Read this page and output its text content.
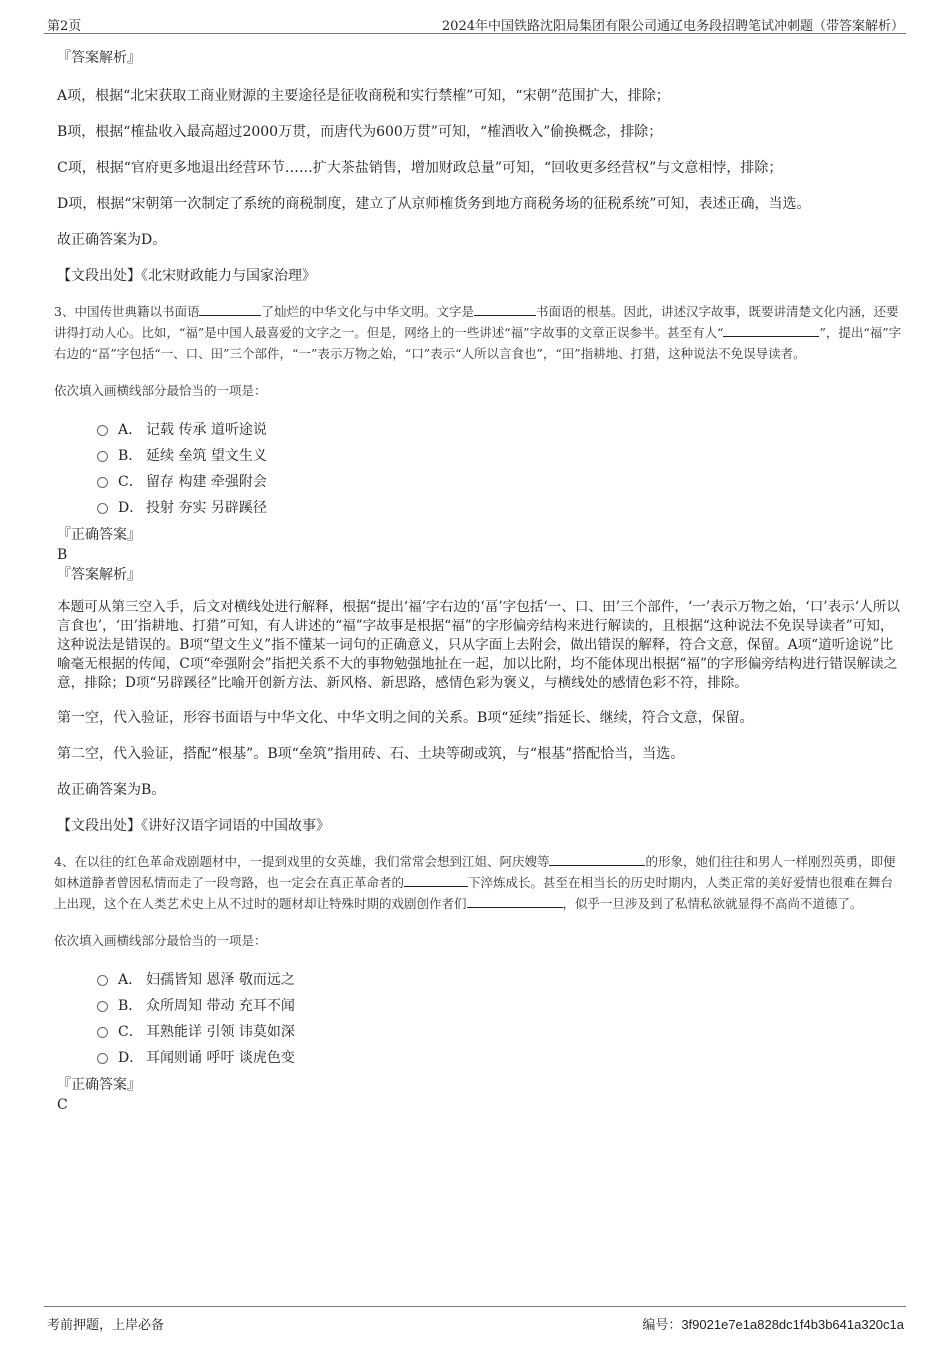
第2页	2024年中国铁路沈阳局集团有限公司通辽电务段招聘笔试冲刺题（带答案解析）

『答案解析』

A项，根据“北宋获取工商业财源的主要途径是征收商税和实行禁榷”可知，“宋朝”范围扩大，排除；

B项，根据“榷盐收入最高超过2000万贯，而唐代为600万贯”可知，“榷酒收入”偷换概念，排除；

C项，根据“官府更多地退出经营环节……扩大茶盐销售，增加财政总量”可知，“回收更多经营权”与文意相悖，排除；

D项，根据“宋朝第一次制定了系统的商税制度，建立了从京师榷货务到地方商税务场的征税系统”可知，表述正确，当选。

故正确答案为D。

【文段出处】《北宋财政能力与国家治理》

3、中国传世典籍以书面语	了灿烂的中华文化与中华文明。文字是	书面语的根基。因此，讲述汉字故事，既要讲清楚文化内涵，还要讲得打动人心。比如，“福”是中国人最喜爱的文字之一。但是，网络上的一些讲述“福”字故事的文章正误参半。甚至有人“	”，提出“福”字右边的“畐”字包括“一、口、田”三个部件，“一”表示万物之始，“口”表示“人所以言食也”，“田”指耕地、打猎，这种说法不免误导读者。

依次填入画横线部分最恰当的一项是：

A． 记载 传承 道听途说
B． 延续 垒筑 望文生义
C． 留存 构建 牵强附会
D． 投射 夯实 另辟蹊径

『正确答案』

B

『答案解析』

本题可从第三空入手，后文对横线处进行解释，根据“提出‘福’字右边的‘畐’字包括‘一、口、田’三个部件，‘一’表示万物之始，‘口’表示‘人所以言食也’，‘田’指耕地、打猎”可知，有人讲述的“福”字故事是根据“福”的字形偏旁结构来进行解读的，且根据“这种说法不免误导读者”可知，这种说法是错误的。B项“望文生义”指不懂某一词句的正确意义，只从字面上去附会，做出错误的解释，符合文意，保留。A项“道听途说”比喻毫无根据的传闻，C项“牵强附会”指把关系不大的事物勉强地扯在一起，加以比附，均不能体现出根据“福”的字形偏旁结构进行错误解读之意，排除；D项“另辟蹊径”比喻开创新方法、新风格、新思路，感情色彩为褒义，与横线处的感情色彩不符，排除。

第一空，代入验证，形容书面语与中华文化、中华文明之间的关系。B项“延续”指延长、继续，符合文意，保留。

第二空，代入验证，搭配“根基”。B项“垒筑”指用砖、石、土块等砌或筑，与“根基”搭配恰当，当选。

故正确答案为B。

【文段出处】《讲好汉语字词语的中国故事》

4、在以往的红色革命戏剧题材中，一提到戏里的女英雄，我们常常会想到江姐、阿庆嫂等	的形象，她们往往和男人一样刚烈英勇，即便如林道静者曾因私情而走了一段弯路，也一定会在真正革命者的	下淬炼成长。甚至在相当长的历史时期内，人类正常的美好爱情也很难在舞台上出现，这个在人类艺术史上从不过时的题材却让特殊时期的戏剧创作者们	，似乎一旦涉及到了私情私欲就显得不高尚不道德了。

依次填入画横线部分最恰当的一项是：

A． 妇孺皆知 恩泽 敬而远之
B． 众所周知 带动 充耳不闻
C． 耳熟能详 引领 讳莫如深
D． 耳闻则诵 呼吁 谈虎色变

『正确答案』

C

考前押题，上岸必备	编号：3f9021e7e1a828dc1f4b3b641a320c1a
